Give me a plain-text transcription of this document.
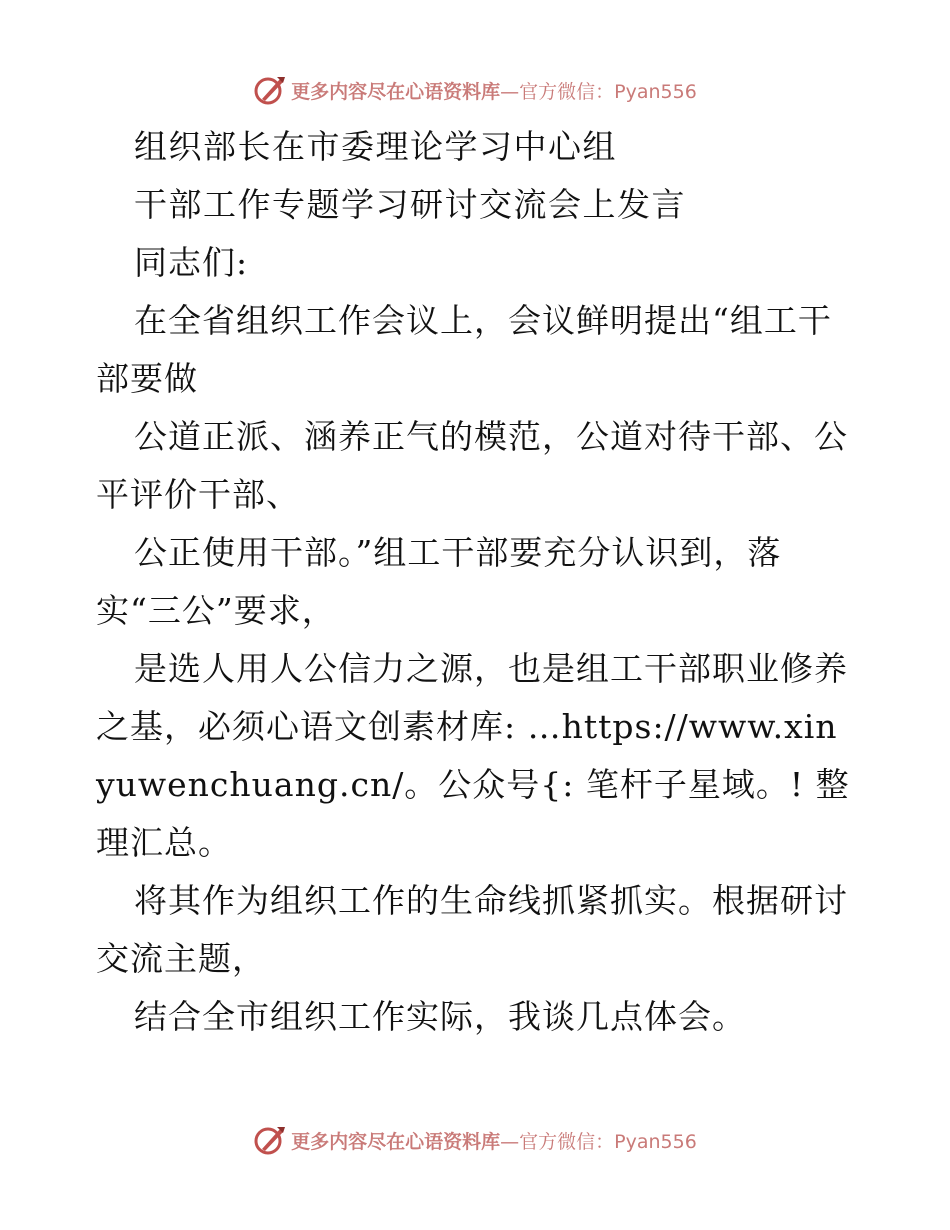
更多内容尽在心语资料库 —官方微信：Pyan556

组织部长在市委理论学习中心组

干部工作专题学习研讨交流会上发言

同志们:

在全省组织工作会议上，会议鲜明提出“组工干部要做

公道正派、涵养正气的模范，公道对待干部、公平评价干部、

公正使用干部。”组工干部要充分认识到，落实“三公”要求，

是选人用人公信力之源，也是组工干部职业修养之基，必须心语文创素材库: …https://www.xinyuwenchuang.cn/。公众号{: 笔杆子星域。! 整理汇总。

将其作为组织工作的生命线抓紧抓实。根据研讨交流主题，

结合全市组织工作实际，我谈几点体会。

更多内容尽在心语资料库 —官方微信：Pyan556
